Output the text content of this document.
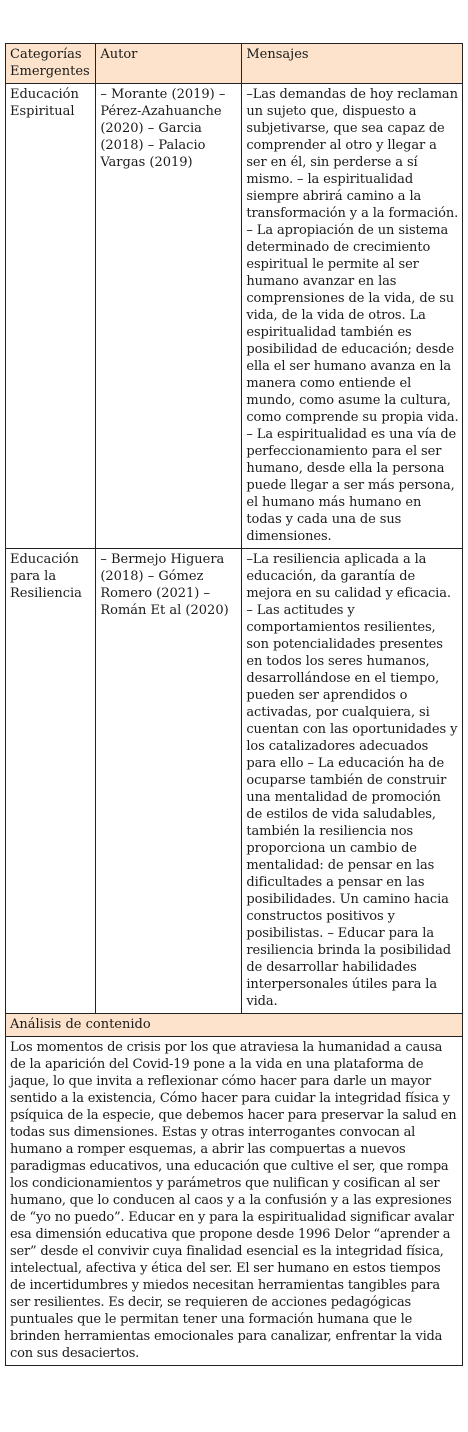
Categorías Emergentes	Autor	Mensajes
Educación Espiritual	– Morante (2019) – Pérez-Azahuanche (2020) – Garcia (2018) – Palacio Vargas (2019)	–Las demandas de hoy reclaman un sujeto que, dispuesto a subjetivarse, que sea capaz de comprender al otro y llegar a ser en él, sin perderse a sí mismo. – la espiritualidad siempre abrirá camino a la transformación y a la formación. – La apropiación de un sistema determinado de crecimiento espiritual le permite al ser humano avanzar en las comprensiones de la vida, de su vida, de la vida de otros. La espiritualidad también es posibilidad de educación; desde ella el ser humano avanza en la manera como entiende el mundo, como asume la cultura, como comprende su propia vida. – La espiritualidad es una vía de perfeccionamiento para el ser humano, desde ella la persona puede llegar a ser más persona, el humano más humano en todas y cada una de sus dimensiones.
Educación para la Resiliencia	– Bermejo Higuera (2018) – Gómez Romero (2021) – Román Et al (2020)	–La resiliencia aplicada a la educación, da garantía de mejora en su calidad y eficacia. – Las actitudes y comportamientos resilientes, son potencialidades presentes en todos los seres humanos, desarrollándose en el tiempo, pueden ser aprendidos o activadas, por cualquiera, si cuentan con las oportunidades y los catalizadores adecuados para ello – La educación ha de ocuparse también de construir una mentalidad de promoción de estilos de vida saludables, también la resiliencia nos proporciona un cambio de mentalidad: de pensar en las dificultades a pensar en las posibilidades. Un camino hacia constructos positivos y posibilistas. – Educar para la resiliencia brinda la posibilidad de desarrollar habilidades interpersonales útiles para la vida.
Análisis de contenido		
Los momentos de crisis por los que atraviesa la humanidad a causa de la aparición del Covid-19 pone a la vida en una plataforma de jaque, lo que invita a reflexionar cómo hacer para darle un mayor sentido a la existencia, Cómo hacer para cuidar la integridad física y psíquica de la especie, que debemos hacer para preservar la salud en todas sus dimensiones. Estas y otras interrogantes convocan al humano a romper esquemas, a abrir las compuertas a nuevos paradigmas educativos, una educación que cultive el ser, que rompa los condicionamientos y parámetros que nulifican y cosifican al ser humano, que lo conducen al caos y a la confusión y a las expresiones de “yo no puedo”. Educar en y para la espiritualidad significar avalar esa dimensión educativa que propone desde 1996 Delor “aprender a ser” desde el convivir cuya finalidad esencial es la integridad física, intelectual, afectiva y ética del ser. El ser humano en estos tiempos de incertidumbres y miedos necesitan herramientas tangibles para ser resilientes. Es decir, se requieren de acciones pedagógicas puntuales que le permitan tener una formación humana que le brinden herramientas emocionales para canalizar, enfrentar la vida con sus desaciertos.		
